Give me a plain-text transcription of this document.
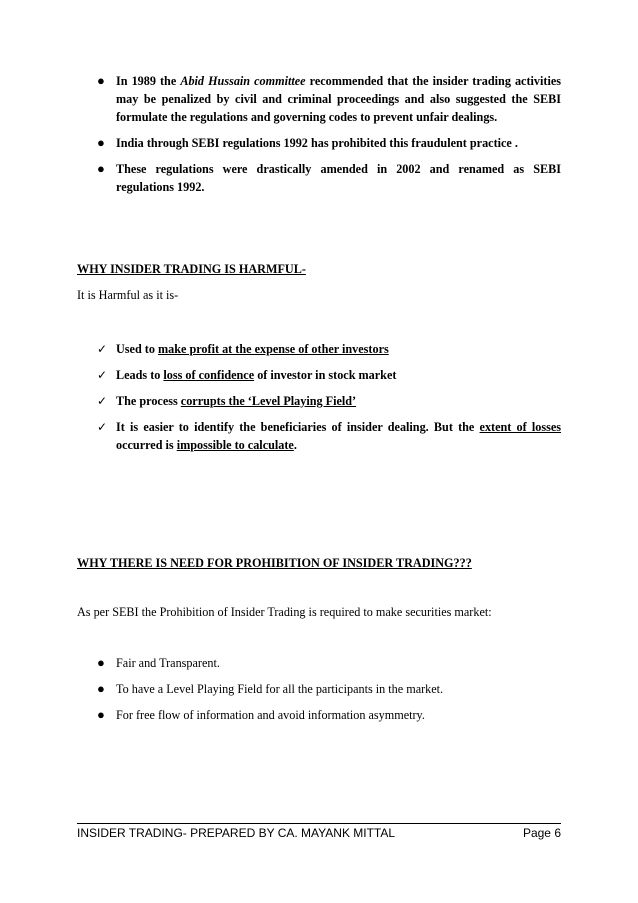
● In 1989 the Abid Hussain committee recommended that the insider trading activities may be penalized by civil and criminal proceedings and also suggested the SEBI formulate the regulations and governing codes to prevent unfair dealings.
● India through SEBI regulations 1992 has prohibited this fraudulent practice .
● These regulations were drastically amended in 2002 and renamed as SEBI regulations 1992.
WHY INSIDER TRADING IS HARMFUL-
It is Harmful as it is-
✓ Used to make profit at the expense of other investors
✓ Leads to loss of confidence of investor in stock market
✓ The process corrupts the ‘Level Playing Field’
✓ It is easier to identify the beneficiaries of insider dealing. But the extent of losses occurred is impossible to calculate.
WHY THERE IS NEED FOR PROHIBITION OF INSIDER TRADING???
As per SEBI the Prohibition of Insider Trading is required to make securities market:
● Fair and Transparent.
● To have a Level Playing Field for all the participants in the market.
● For free flow of information and avoid information asymmetry.
INSIDER TRADING- PREPARED BY CA. MAYANK MITTAL	Page 6
